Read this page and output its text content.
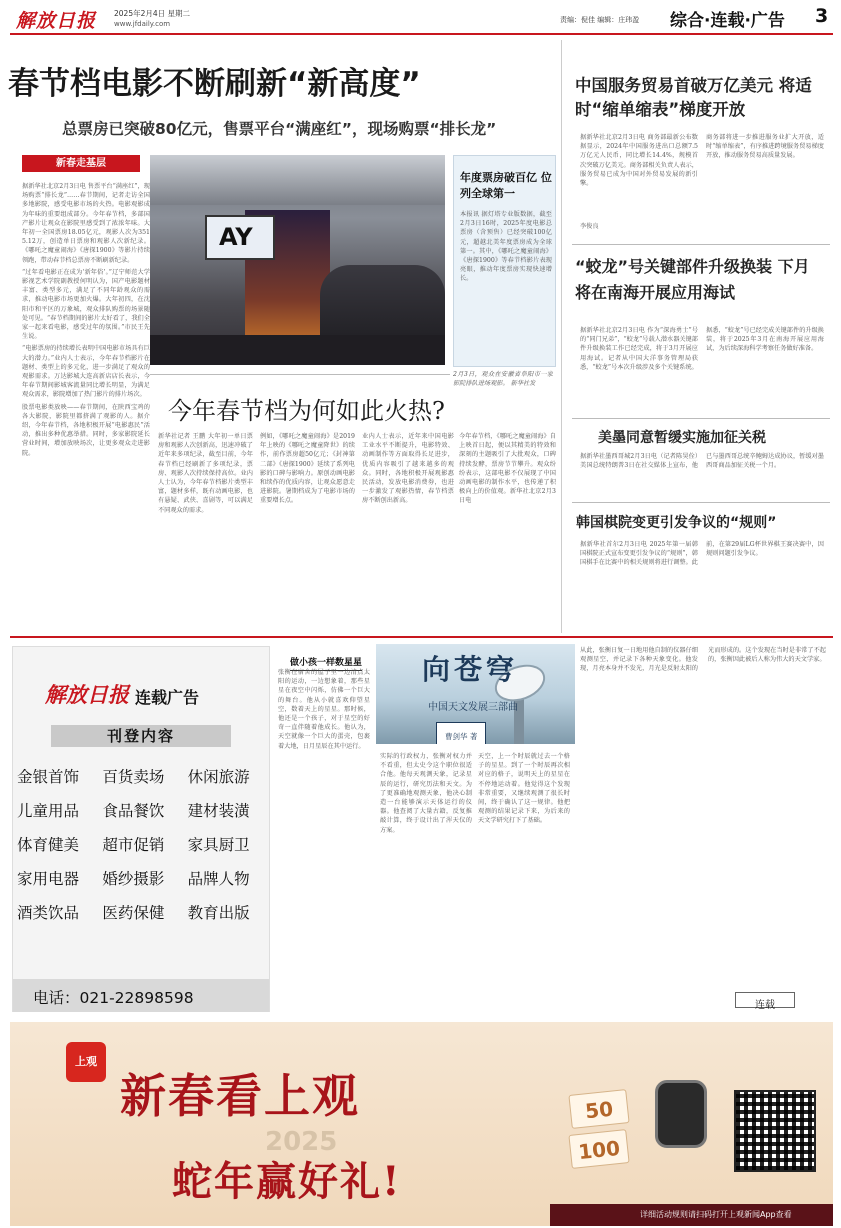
解放日报 2025年2月4日 星期二
www.jfdaily.com	责编：倪佳 编辑：庄玮盈 综合·连载·广告 3
春节档电影不断刷新“新高度”
总票房已突破80亿元，售票平台“满座红”，现场购票“排长龙”
新春走基层

据新华社北京2月3日电 售票平台“满座红”，现场购票“排长龙”……春节期间，记者走访全国多地影院，感受电影市场的火热。电影观影成为年味的重要组成部分。今年春节档，多部国产影片让观众在影院里感受到了浓浓年味。大年初一全国票房18.05亿元，观影人次为3515.12万，创造单日票房和观影人次新纪录。《哪吒之魔童闹海》《唐探1900》等影片持续领跑，带动春节档总票房不断刷新纪录。

“过年看电影正在成为‘新年俗’。”辽宁师范大学影视艺术学院副教授何明认为，国产电影题材丰富、类型多元，满足了不同年龄观众的需求，推动电影市场更加火爆。大年初四，在沈阳市和平区的万象城，观众排队购票的场景随处可见。“春节档期间的影片太好看了，我们全家一起来看电影，感受过年的氛围。”市民王先生说。

“电影票房的持续增长表明中国电影市场具有巨大的潜力。”业内人士表示，今年春节档影片在题材、类型上的多元化，进一步满足了观众的观影需求。万达影城大连高新店店长表示，今年春节期间影城客流量同比增长明显，为满足观众需求，影院增加了热门影片的排片场次。

股票电影类放映——春节期间，在陕西宝鸡的各大影院，影院里都挤满了观影的人。据介绍，今年春节档，各地积极开展“电影惠民”活动，推出多种优惠举措。同时，多家影院延长营业时间，增加放映场次，让更多观众走进影院。

AY
年度票房破百亿 位列全球第一
本报讯 据灯塔专业版数据，截至2月3日16时，2025年度电影总票房（含预售）已经突破100亿元，超越北美年度票房成为全球第一。其中，《哪吒之魔童闹海》《唐探1900》等春节档影片表现亮眼，推动年度票房实现快速增长。
2月3日，观众在安徽省阜阳市一家影院排队进场观影。 新华社发
今年春节档为何如此火热?
新华社记者 王鹏 大年初一单日票房和观影人次创新高，迅速冲破了近年来多项纪录，截至目前，今年春节档已经刷新了多项纪录，票房、观影人次持续保持高位。业内人士认为，今年春节档影片类型丰富，题材多样，既有动画电影，也有悬疑、武侠、喜剧等，可以满足不同观众的需求。
例如，《哪吒之魔童闹海》是2019年上映的《哪吒之魔童降世》的续作，前作票房超50亿元；《封神第二部》《唐探1900》延续了系列电影的口碑与影响力。原创动画电影和续作的优质内容，让观众愿意走进影院。暑期档成为了电影市场的重要增长点。
业内人士表示，近年来中国电影工业水平不断提升，电影特效、动画制作等方面取得长足进步，优质内容吸引了越来越多的观众。同时，各地积极开展观影惠民活动，发放电影消费券，也进一步激发了观影热情，春节档票房不断创出新高。
今年春节档，《哪吒之魔童闹海》自上映首日起，便以其精美的特效和深刻的主题吸引了大批观众，口碑持续发酵，票房节节攀升。观众纷纷表示，这部电影不仅展现了中国动画电影的制作水平，也传递了积极向上的价值观。新华社北京2月3日电
中国服务贸易首破万亿美元 将适时“缩单缩表”梯度开放
据新华社北京2月3日电 商务部最新公布数据显示，2024年中国服务进出口总额7.5万亿元人民币，同比增长14.4%，规模首次突破万亿美元。商务部相关负责人表示，服务贸易已成为中国对外贸易发展的新引擎。
商务部将进一步推进服务业扩大开放，适时“缩单缩表”，有序推进跨境服务贸易梯度开放，推动服务贸易高质量发展。
李俊良
“蛟龙”号关键部件升级换装 下月将在南海开展应用海试
据新华社北京2月3日电 作为“深海勇士”号的“同门兄弟”，“蛟龙”号载人潜水器关键部件升级换装工作已经完成，将于3月开展应用海试。记者从中国大洋事务管理局获悉，“蛟龙”号本次升级涉及多个关键系统。
据悉，“蛟龙”号已经完成关键部件的升级换装，将于2025年3月在南海开展应用海试，为后续深海科学考察任务做好准备。
美墨同意暂缓实施加征关税
据新华社墨西哥城2月3日电（记者陈昊佺）美国总统特朗普3日在社交媒体上宣布，他已与墨西哥总统辛鲍姆达成协议，暂缓对墨西哥商品加征关税一个月。
韩国棋院变更引发争议的“规则”
据新华社首尔2月3日电 2025年第一届韩国棋院正式宣布变更引发争议的“规则”，韩国棋手在比赛中的相关规则将进行调整。此前，在第29届LG杯世界棋王赛决赛中，因规则问题引发争议。
解放日报 连载广告
刊登内容
金银首饰	百货卖场	休闲旅游
儿童用品	食品餐饮	建材装潢
体育健美	超市促销	家具厨卫
家用电器	婚纱摄影	品牌人物
酒类饮品	医药保健	教育出版
电话：021-22898598
做小孩一样数星星
张衡在宿舍的屋子里一边清点太阳的运动，一边想象着，那些星星在夜空中闪烁，仿佛一个巨大的舞台。他从小就喜欢仰望星空，数着天上的星星。那时候，他还是一个孩子，对于星空的好奇一直伴随着他成长。他认为，天空就像一个巨大的蛋壳，包裹着大地，日月星辰在其中运行。
向苍穹
中国天文发展三部曲
曹剑华 著
实际的行政权力，张衡对权力并不看重，但太史令这个职位很适合他。他每天观测天象，记录星辰的运行，研究历法和天文。为了更准确地观测天象，他决心制造一台能够演示天体运行的仪器。他查阅了大量古籍，反复推敲计算，终于设计出了浑天仪的方案。
天空，上一个时辰就过去一个格子的星星。到了一个时辰再次相对应的格子，说明天上的星星在不停地运动着。他觉得这个发现非常重要，又继续观测了很长时间，终于确认了这一规律。他把观测的结果记录下来，为后来的天文学研究打下了基础。
从此，张衡日复一日地用他自制的仪器仔细观测星空，并记录下各种天象变化。他发现，月亮本身并不发光，月光是反射太阳的光而形成的。这个发现在当时是非常了不起的，张衡因此被后人称为伟大的天文学家。
连载
上观
新春看上观
2025
蛇年赢好礼!
50
100
详细活动规则请扫码打开上观新闻App查看
